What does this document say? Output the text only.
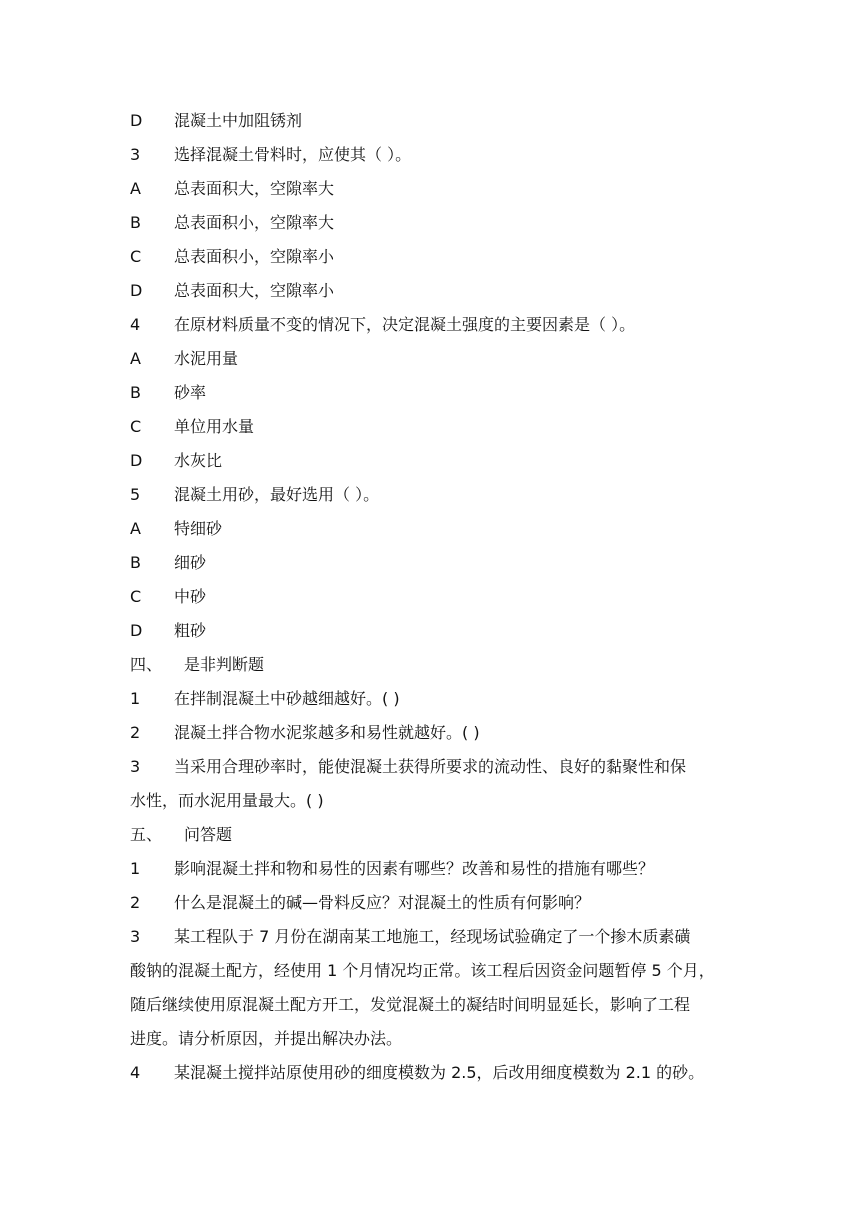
D	混凝土中加阻锈剂
3	选择混凝土骨料时，应使其（ ）。
A	总表面积大，空隙率大
B	总表面积小，空隙率大
C	总表面积小，空隙率小
D	总表面积大，空隙率小
4	在原材料质量不变的情况下，决定混凝土强度的主要因素是（ ）。
A	水泥用量
B	砂率
C	单位用水量
D	水灰比
5	混凝土用砂，最好选用（ ）。
A	特细砂
B	细砂
C	中砂
D	粗砂
四、	是非判断题
1	在拌制混凝土中砂越细越好。( )
2	混凝土拌合物水泥浆越多和易性就越好。( )
3	当采用合理砂率时，能使混凝土获得所要求的流动性、良好的黏聚性和保
水性，而水泥用量最大。( )
五、	问答题
1	影响混凝土拌和物和易性的因素有哪些？改善和易性的措施有哪些？
2	什么是混凝土的碱—骨料反应？对混凝土的性质有何影响？
3	某工程队于 7 月份在湖南某工地施工，经现场试验确定了一个掺木质素磺
酸钠的混凝土配方，经使用 1 个月情况均正常。该工程后因资金问题暂停 5 个月，
随后继续使用原混凝土配方开工，发觉混凝土的凝结时间明显延长，影响了工程
进度。请分析原因，并提出解决办法。
4	某混凝土搅拌站原使用砂的细度模数为 2.5，后改用细度模数为 2.1 的砂。
